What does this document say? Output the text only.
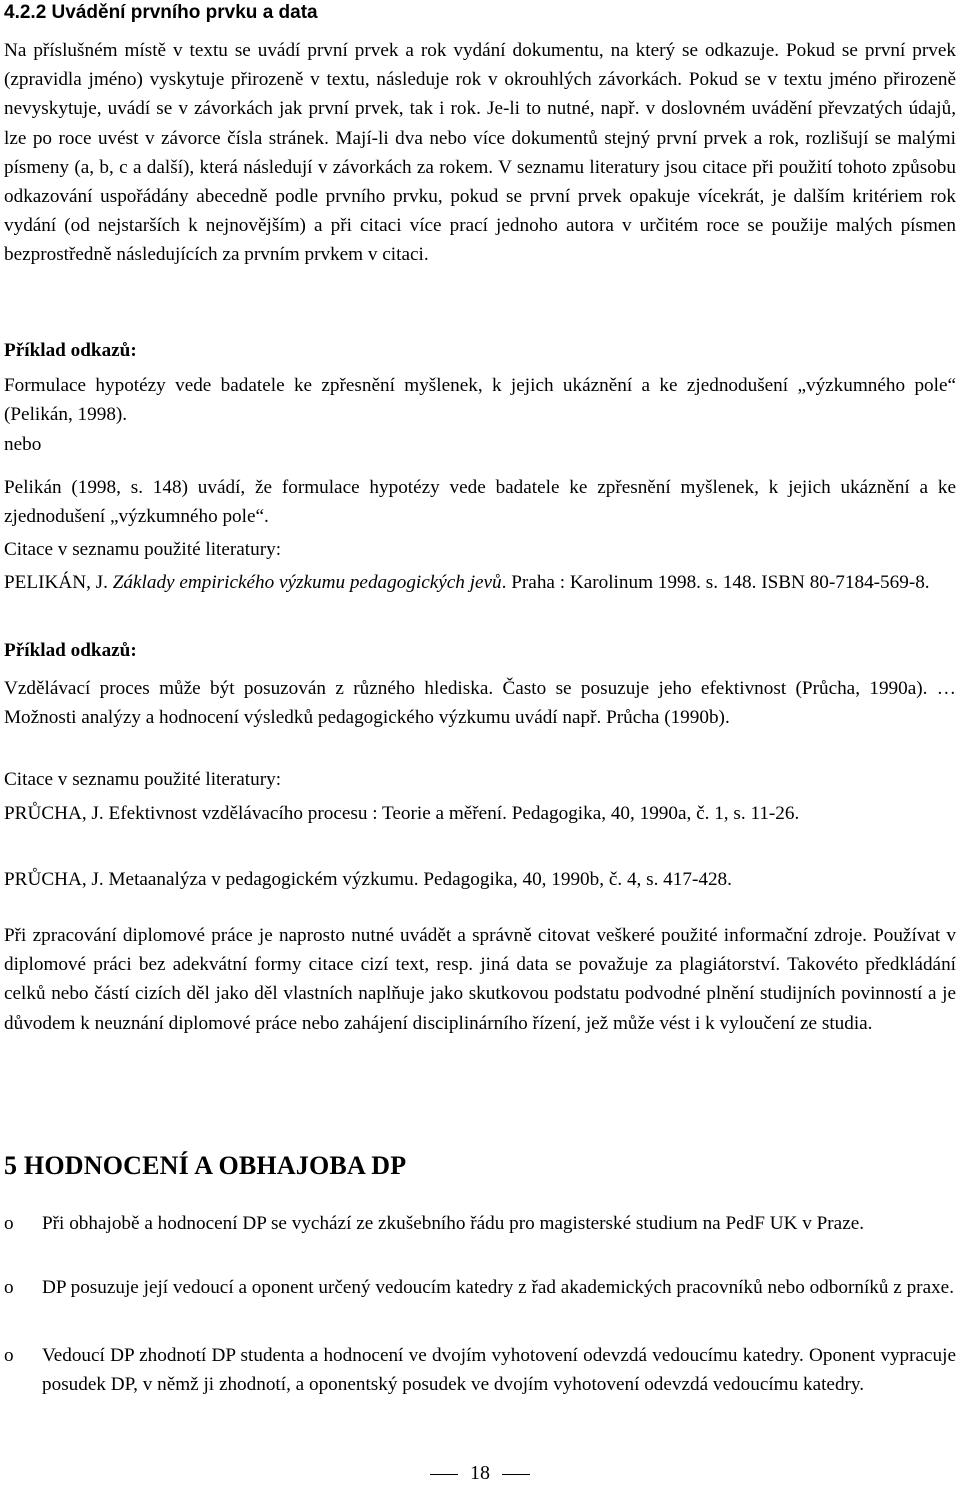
4.2.2 Uvádění prvního prvku a data

Na příslušném místě v textu se uvádí první prvek a rok vydání dokumentu, na který se odkazuje. Pokud se první prvek (zpravidla jméno) vyskytuje přirozeně v textu, následuje rok v okrouhlých závorkách. Pokud se v textu jméno přirozeně nevyskytuje, uvádí se v závorkách jak první prvek, tak i rok. Je-li to nutné, např. v doslovném uvádění převzatých údajů, lze po roce uvést v závorce čísla stránek. Mají-li dva nebo více dokumentů stejný první prvek a rok, rozlišují se malými písmeny (a, b, c a další), která následují v závorkách za rokem. V seznamu literatury jsou citace při použití tohoto způsobu odkazování uspořádány abecedně podle prvního prvku, pokud se první prvek opakuje vícekrát, je dalším kritériem rok vydání (od nejstarších k nejnovějším) a při citaci více prací jednoho autora v určitém roce se použije malých písmen bezprostředně následujících za prvním prvkem v citaci.

Příklad odkazů:

Formulace hypotézy vede badatele ke zpřesnění myšlenek, k jejich ukáznění a ke zjednodušení „výzkumného pole“ (Pelikán, 1998).

nebo

Pelikán (1998, s. 148) uvádí, že formulace hypotézy vede badatele ke zpřesnění myšlenek, k jejich ukáznění a ke zjednodušení „výzkumného pole“.

Citace v seznamu použité literatury:

PELIKÁN, J. Základy empirického výzkumu pedagogických jevů. Praha : Karolinum 1998. s. 148. ISBN 80-7184-569-8.

Příklad odkazů:

Vzdělávací proces může být posuzován z různého hlediska. Často se posuzuje jeho efektivnost (Průcha, 1990a). … Možnosti analýzy a hodnocení výsledků pedagogického výzkumu uvádí např. Průcha (1990b).

Citace v seznamu použité literatury:

PRŮCHA, J. Efektivnost vzdělávacího procesu : Teorie a měření. Pedagogika, 40, 1990a, č. 1, s. 11-26.

PRŮCHA, J. Metaanalýza v pedagogickém výzkumu. Pedagogika, 40, 1990b, č. 4, s. 417-428.

Při zpracování diplomové práce je naprosto nutné uvádět a správně citovat veškeré použité informační zdroje. Používat v diplomové práci bez adekvátní formy citace cizí text, resp. jiná data se považuje za plagiátorství. Takovéto předkládání celků nebo částí cizích děl jako děl vlastních naplňuje jako skutkovou podstatu podvodné plnění studijních povinností a je důvodem k neuznání diplomové práce nebo zahájení disciplinárního řízení, jež může vést i k vyloučení ze studia.

5 HODNOCENÍ A OBHAJOBA DP
o Při obhajobě a hodnocení DP se vychází ze zkušebního řádu pro magisterské studium na PedF UK v Praze.
o DP posuzuje její vedoucí a oponent určený vedoucím katedry z řad akademických pracovníků nebo odborníků z praxe.
o Vedoucí DP zhodnotí DP studenta a hodnocení ve dvojím vyhotovení odevzdá vedoucímu katedry. Oponent vypracuje posudek DP, v němž ji zhodnotí, a oponentský posudek ve dvojím vyhotovení odevzdá vedoucímu katedry.
18
